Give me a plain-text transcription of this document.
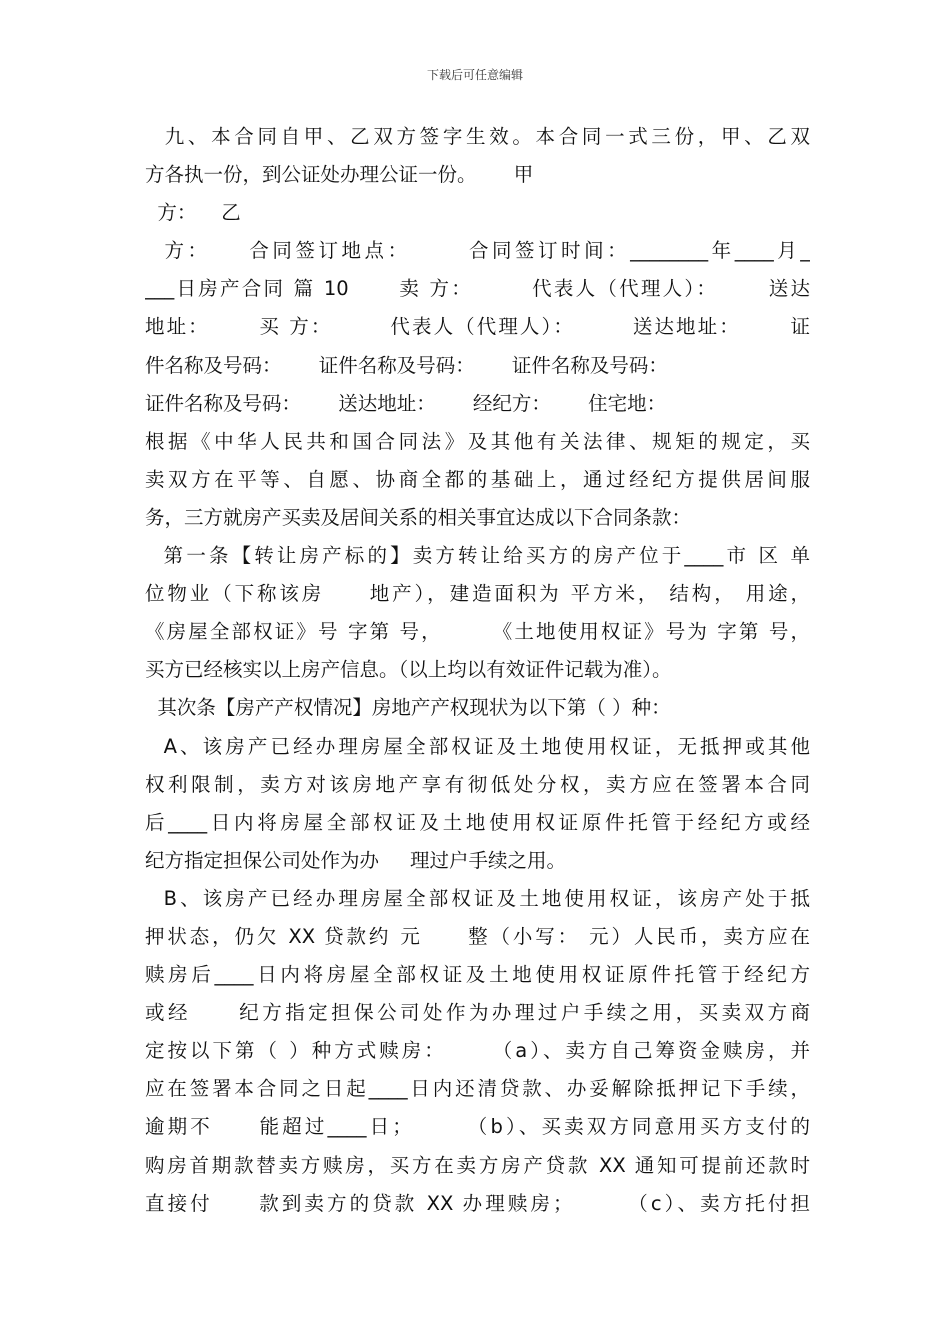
下载后可任意编辑
九、本合同自甲、乙双方签字生效。本合同一式三份，甲、乙双
方各执一份，到公证处办理公证一份。      甲
方：    乙
方：    合同签订地点：      合同签订时间：________年____月_
___日房产合同 篇 10      卖 方：       代表人（代理人）：      送达
地址：      买 方：       代表人（代理人）：       送达地址：      证
件名称及号码：      证件名称及号码：      证件名称及号码：
证件名称及号码：      送达地址：      经纪方：      住宅地：
根据《中华人民共和国合同法》及其他有关法律、规矩的规定，买
卖双方在平等、自愿、协商全都的基础上，通过经纪方提供居间服
务，三方就房产买卖及居间关系的相关事宜达成以下合同条款：
第一条【转让房产标的】卖方转让给买方的房产位于____市 区 单
位物业（下称该房     地产），建造面积为 平方米， 结构， 用途，
《房屋全部权证》号 字第 号，      《土地使用权证》号为 字第 号，
买方已经核实以上房产信息。（以上均以有效证件记载为准）。
其次条【房产产权情况】房地产产权现状为以下第（ ）种：
A、该房产已经办理房屋全部权证及土地使用权证，无抵押或其他
权利限制，卖方对该房地产享有彻低处分权，卖方应在签署本合同
后____日内将房屋全部权证及土地使用权证原件托管于经纪方或经
纪方指定担保公司处作为办     理过户手续之用。
B、该房产已经办理房屋全部权证及土地使用权证，该房产处于抵
押状态，仍欠 XX 贷款约 元     整（小写： 元）人民币，卖方应在
赎房后____日内将房屋全部权证及土地使用权证原件托管于经纪方
或经     纪方指定担保公司处作为办理过户手续之用，买卖双方商
定按以下第（ ）种方式赎房：     （a）、卖方自己筹资金赎房，并
应在签署本合同之日起____日内还清贷款、办妥解除抵押记下手续，
逾期不     能超过____日；      （b）、买卖双方同意用买方支付的
购房首期款替卖方赎房，买方在卖方房产贷款 XX 通知可提前还款时
直接付     款到卖方的贷款 XX 办理赎房；      （c）、卖方托付担
